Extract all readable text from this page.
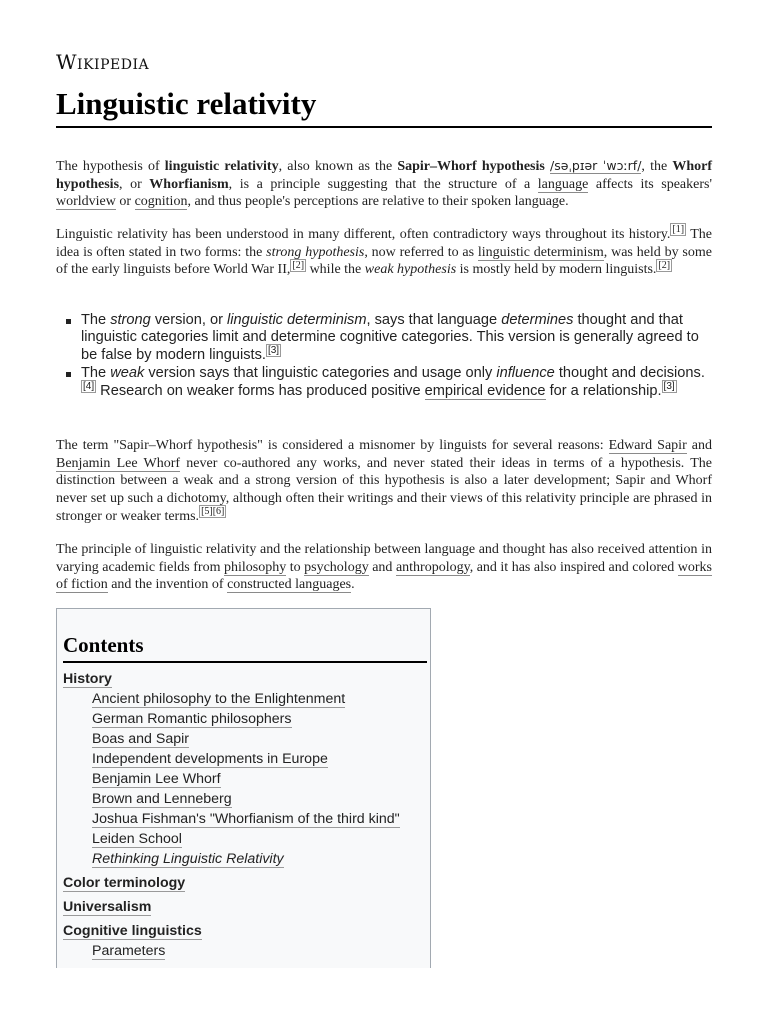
Wikipedia
Linguistic relativity

The hypothesis of linguistic relativity, also known as the Sapir–Whorf hypothesis /səˌpɪər ˈwɔːrf/, the Whorf hypothesis, or Whorfianism, is a principle suggesting that the structure of a language affects its speakers' worldview or cognition, and thus people's perceptions are relative to their spoken language.

Linguistic relativity has been understood in many different, often contradictory ways throughout its history. [1] The idea is often stated in two forms: the strong hypothesis, now referred to as linguistic determinism, was held by some of the early linguists before World War II, [2] while the weak hypothesis is mostly held by modern linguists. [2]

The strong version, or linguistic determinism, says that language determines thought and that linguistic categories limit and determine cognitive categories. This version is generally agreed to be false by modern linguists. [3]
The weak version says that linguistic categories and usage only influence thought and decisions.[4] Research on weaker forms has produced positive empirical evidence for a relationship. [3]

The term "Sapir–Whorf hypothesis" is considered a misnomer by linguists for several reasons: Edward Sapir and Benjamin Lee Whorf never co-authored any works, and never stated their ideas in terms of a hypothesis. The distinction between a weak and a strong version of this hypothesis is also a later development; Sapir and Whorf never set up such a dichotomy, although often their writings and their views of this relativity principle are phrased in stronger or weaker terms. [5][6]

The principle of linguistic relativity and the relationship between language and thought has also received attention in varying academic fields from philosophy to psychology and anthropology, and it has also inspired and colored works of fiction and the invention of constructed languages.

Contents
History
Ancient philosophy to the Enlightenment
German Romantic philosophers
Boas and Sapir
Independent developments in Europe
Benjamin Lee Whorf
Brown and Lenneberg
Joshua Fishman's "Whorfianism of the third kind"
Leiden School
Rethinking Linguistic Relativity
Color terminology
Universalism
Cognitive linguistics
Parameters
